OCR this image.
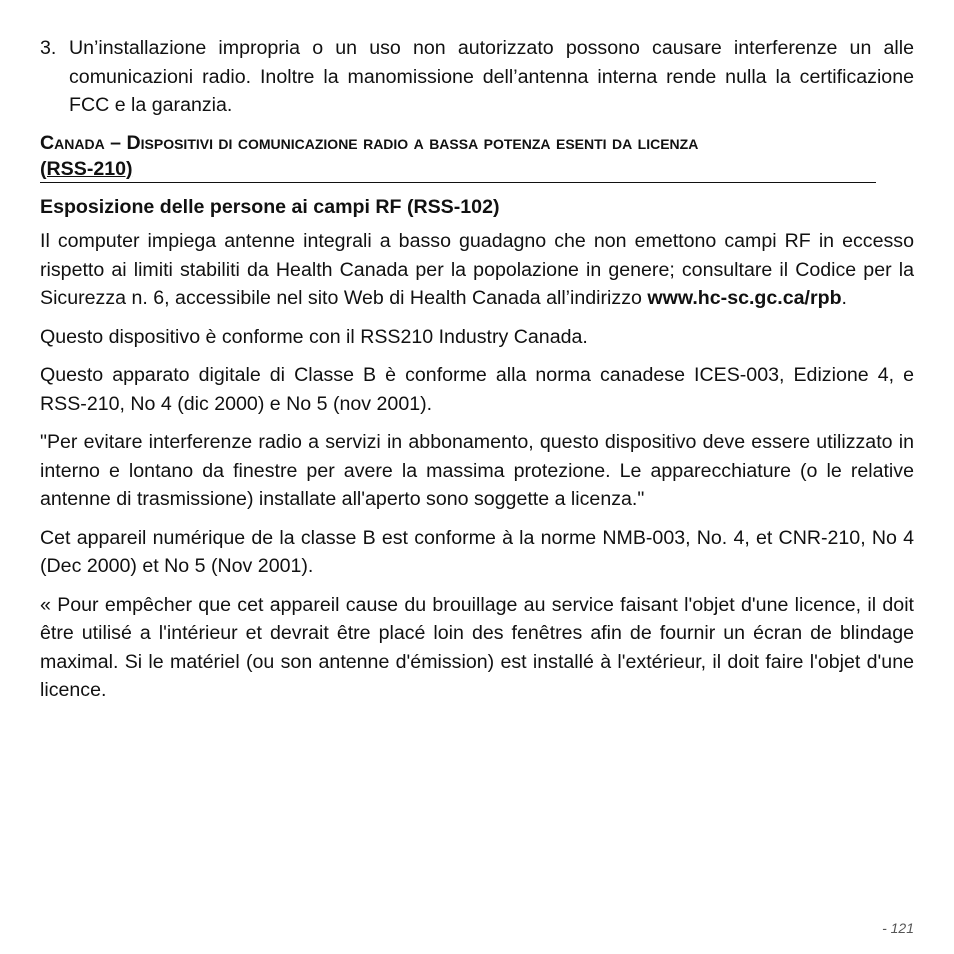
3. Un’installazione impropria o un uso non autorizzato possono causare interferenze un alle comunicazioni radio. Inoltre la manomissione dell’antenna interna rende nulla la certificazione FCC e la garanzia.
Canada – Dispositivi di comunicazione radio a bassa potenza esenti da licenza
(RSS-210)
Esposizione delle persone ai campi RF (RSS-102)

Il computer impiega antenne integrali a basso guadagno che non emettono campi RF in eccesso rispetto ai limiti stabiliti da Health Canada per la popolazione in genere; consultare il Codice per la Sicurezza n. 6, accessibile nel sito Web di Health Canada all’indirizzo www.hc-sc.gc.ca/rpb.

Questo dispositivo è conforme con il RSS210 Industry Canada.

Questo apparato digitale di Classe B è conforme alla norma canadese ICES-003, Edizione 4, e RSS-210, No 4 (dic 2000) e No 5 (nov 2001).

"Per evitare interferenze radio a servizi in abbonamento, questo dispositivo deve essere utilizzato in interno e lontano da finestre per avere la massima protezione. Le apparecchiature (o le relative antenne di trasmissione) installate all'aperto sono soggette a licenza."

Cet appareil numérique de la classe B est conforme à la norme NMB-003, No. 4, et CNR-210, No 4 (Dec 2000) et No 5 (Nov 2001).

« Pour empêcher que cet appareil cause du brouillage au service faisant l'objet d'une licence, il doit être utilisé a l'intérieur et devrait être placé loin des fenêtres afin de fournir un écran de blindage maximal. Si le matériel (ou son antenne d'émission) est installé à l'extérieur, il doit faire l'objet d'une licence.

- 121
